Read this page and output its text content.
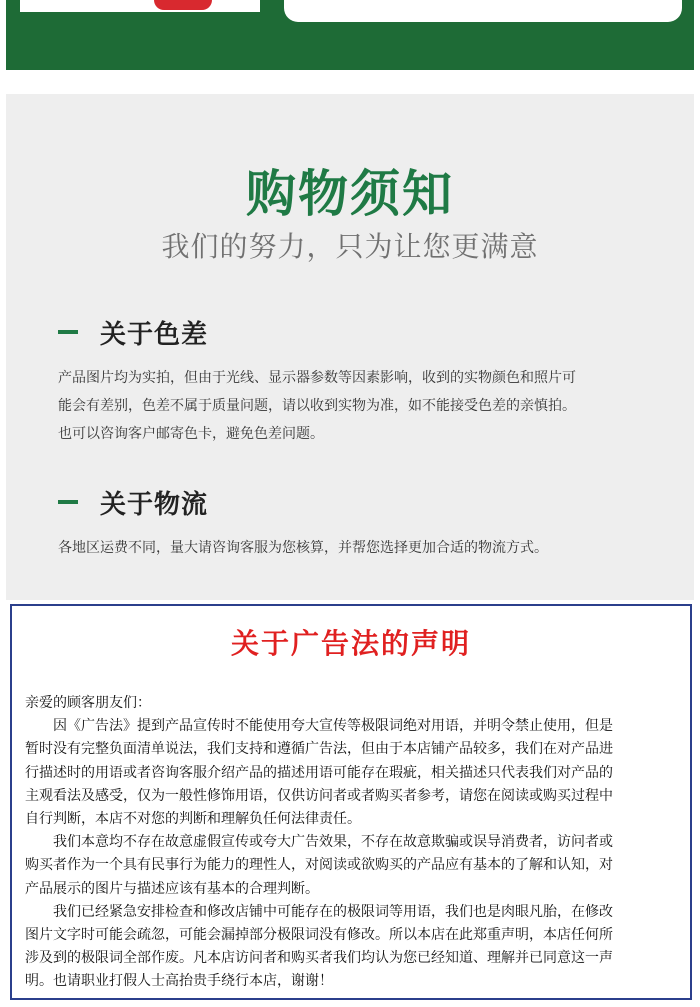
购物须知
我们的努力，只为让您更满意
关于色差

产品图片均为实拍，但由于光线、显示器参数等因素影响，收到的实物颜色和照片可

能会有差别，色差不属于质量问题，请以收到实物为准，如不能接受色差的亲慎拍。

也可以咨询客户邮寄色卡，避免色差问题。

关于物流

各地区运费不同，量大请咨询客服为您核算，并帮您选择更加合适的物流方式。

关于广告法的声明

亲爱的顾客朋友们：

　　因《广告法》提到产品宣传时不能使用夸大宣传等极限词绝对用语，并明令禁止使用，但是

暂时没有完整负面清单说法，我们支持和遵循广告法，但由于本店铺产品较多，我们在对产品进

行描述时的用语或者咨询客服介绍产品的描述用语可能存在瑕疵，相关描述只代表我们对产品的

主观看法及感受，仅为一般性修饰用语，仅供访问者或者购买者参考，请您在阅读或购买过程中

自行判断，本店不对您的判断和理解负任何法律责任。

　　我们本意均不存在故意虚假宣传或夸大广告效果，不存在故意欺骗或误导消费者，访问者或

购买者作为一个具有民事行为能力的理性人，对阅读或欲购买的产品应有基本的了解和认知，对

产品展示的图片与描述应该有基本的合理判断。

　　我们已经紧急安排检查和修改店铺中可能存在的极限词等用语，我们也是肉眼凡胎，在修改

图片文字时可能会疏忽，可能会漏掉部分极限词没有修改。所以本店在此郑重声明，本店任何所

涉及到的极限词全部作废。凡本店访问者和购买者我们均认为您已经知道、理解并已同意这一声

明。也请职业打假人士高抬贵手绕行本店，谢谢！
